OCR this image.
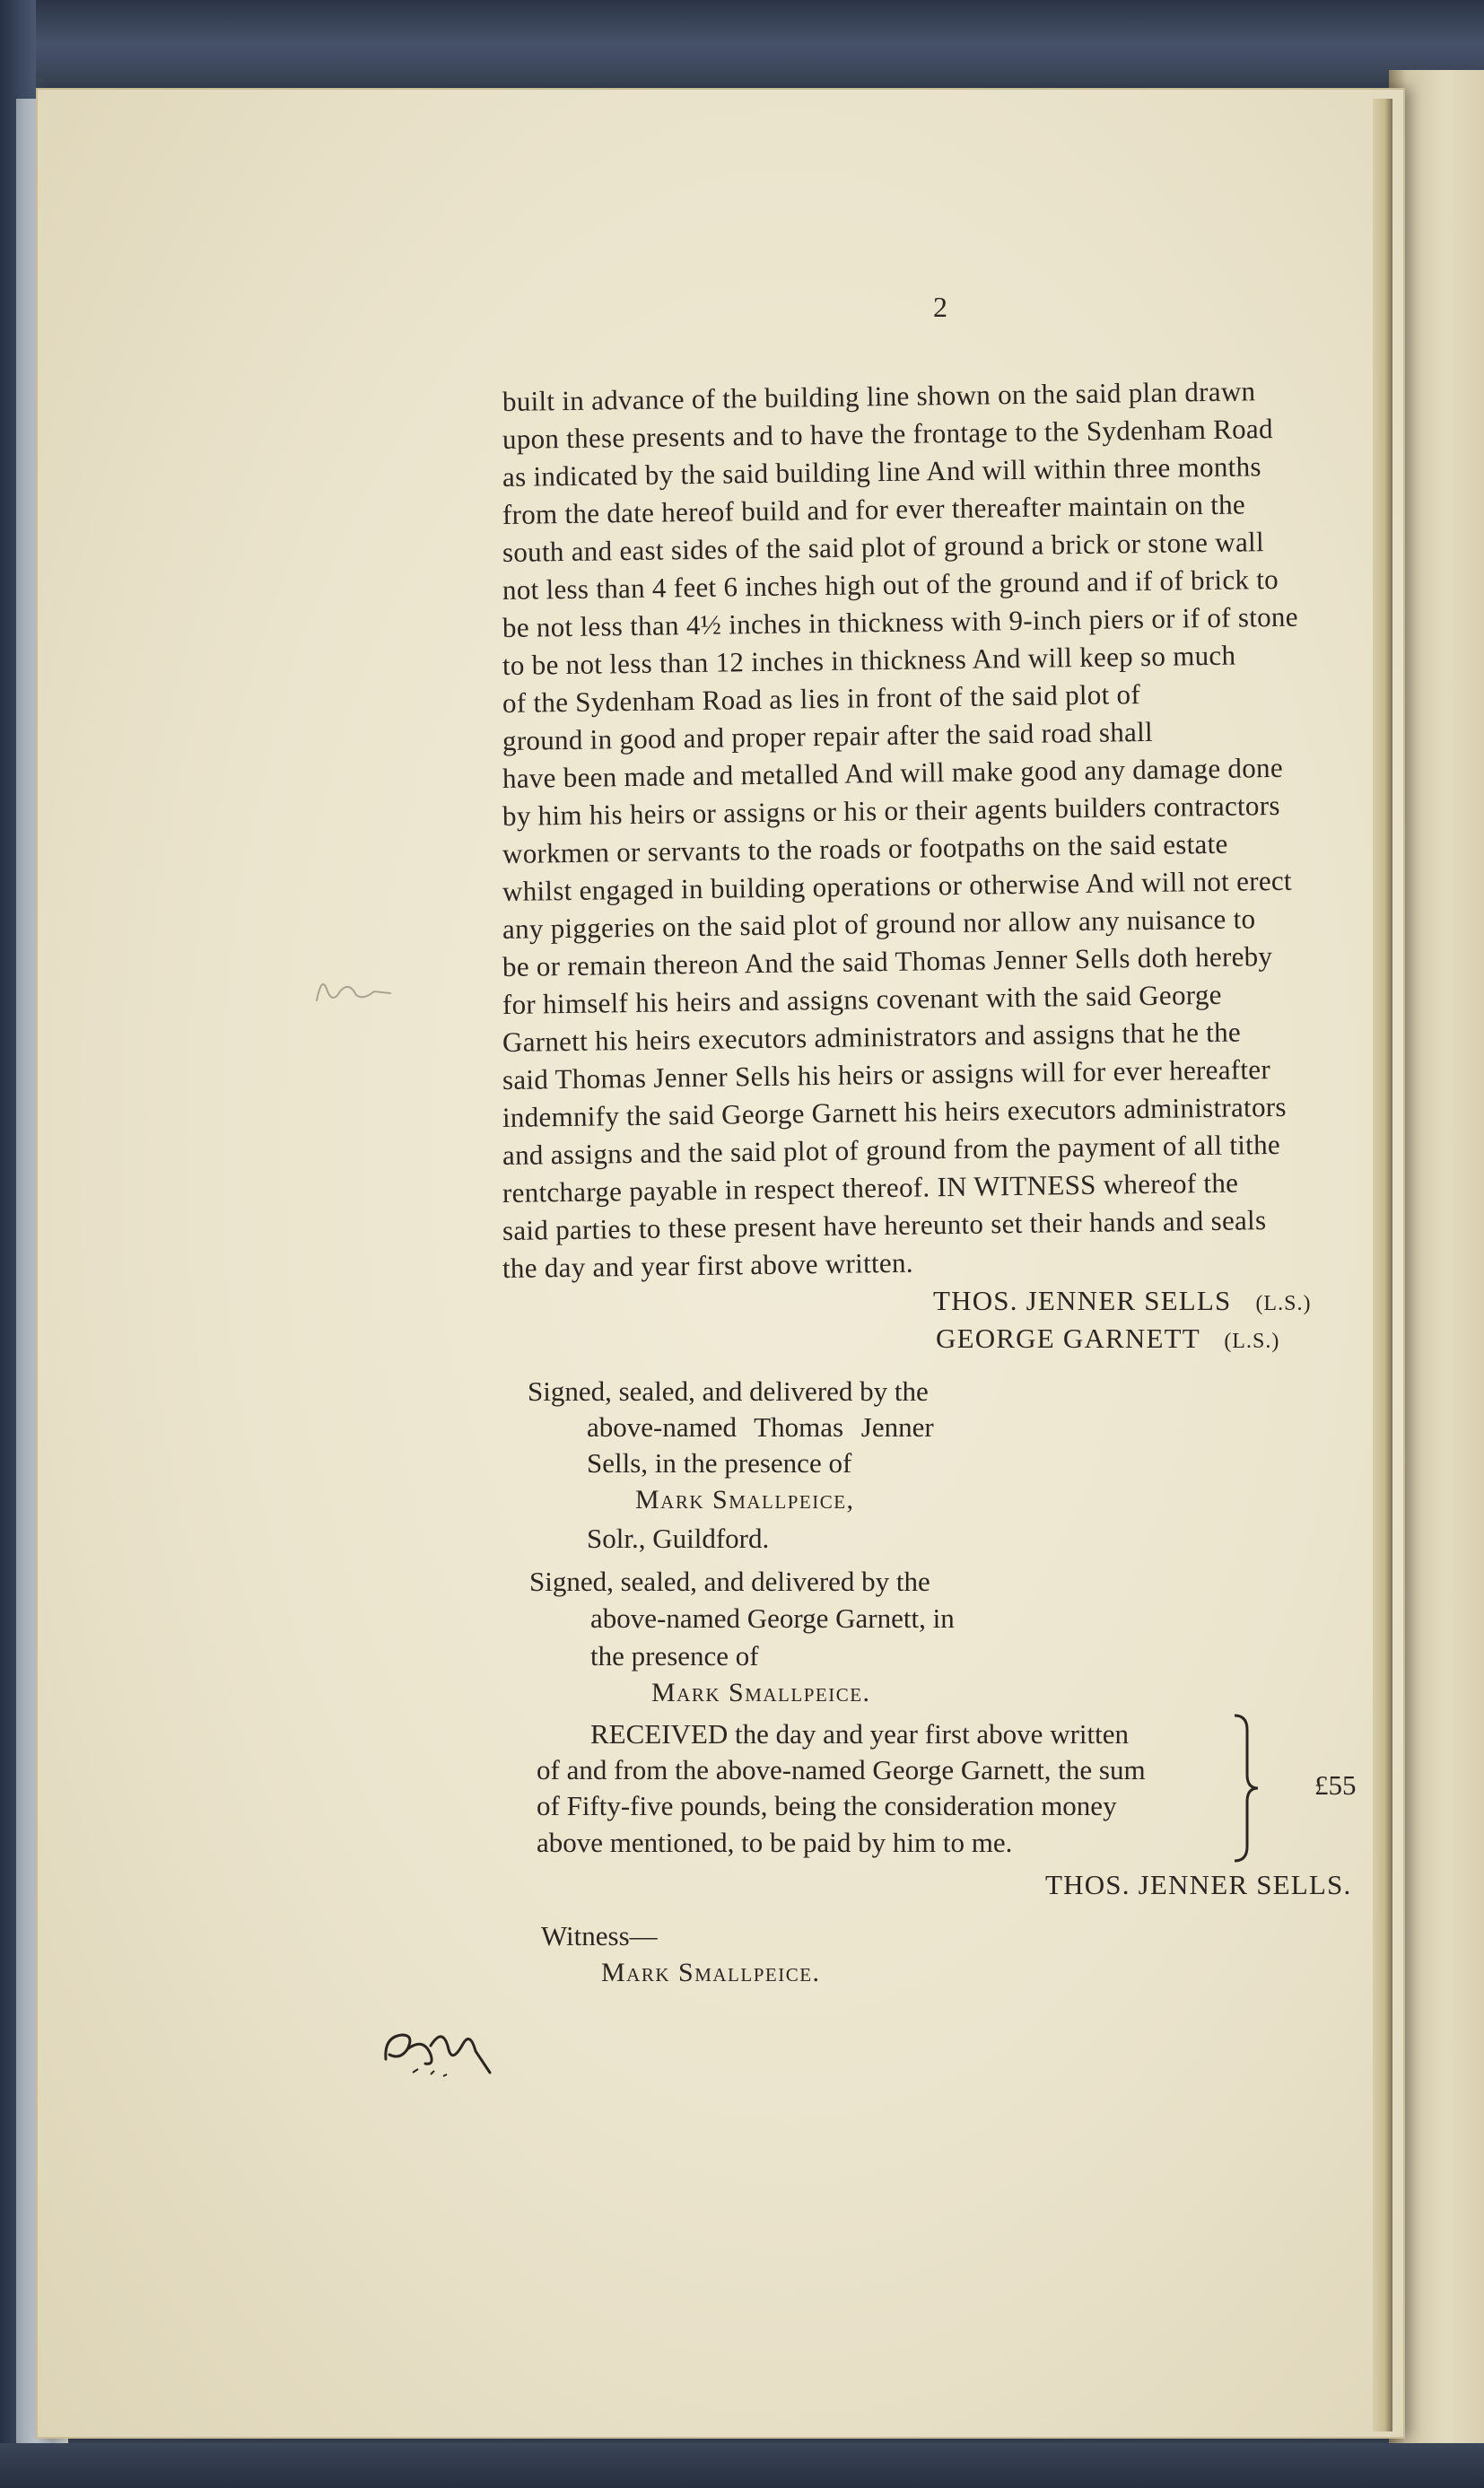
2
built in advance of the building line shown on the said plan drawn
upon these presents and to have the frontage to the Sydenham Road
as indicated by the said building line And will within three months
from the date hereof build and for ever thereafter maintain on the
south and east sides of the said plot of ground a brick or stone wall
not less than 4 feet 6 inches high out of the ground and if of brick to
be not less than 4½ inches in thickness with 9-inch piers or if of stone
to be not less than 12 inches in thickness And will keep so much
of the Sydenham Road as lies in front of the said plot of
ground in good and proper repair after the said road shall
have been made and metalled And will make good any damage done
by him his heirs or assigns or his or their agents builders contractors
workmen or servants to the roads or footpaths on the said estate
whilst engaged in building operations or otherwise And will not erect
any piggeries on the said plot of ground nor allow any nuisance to
be or remain thereon And the said Thomas Jenner Sells doth hereby
for himself his heirs and assigns covenant with the said George
Garnett his heirs executors administrators and assigns that he the
said Thomas Jenner Sells his heirs or assigns will for ever hereafter
indemnify the said George Garnett his heirs executors administrators
and assigns and the said plot of ground from the payment of all tithe
rentcharge payable in respect thereof. IN WITNESS whereof the
said parties to these present have hereunto set their hands and seals
the day and year first above written.
THOS. JENNER SELLS (L.S.)
GEORGE GARNETT (L.S.)
Signed, sealed, and delivered by the
above-named Thomas Jenner
Sells, in the presence of
Mark Smallpeice,
Solr., Guildford.
Signed, sealed, and delivered by the
above-named George Garnett, in
the presence of
Mark Smallpeice.
RECEIVED the day and year first above written
of and from the above-named George Garnett, the sum
of Fifty-five pounds, being the consideration money
above mentioned, to be paid by him to me.
£55
THOS. JENNER SELLS.
Witness—
Mark Smallpeice.
